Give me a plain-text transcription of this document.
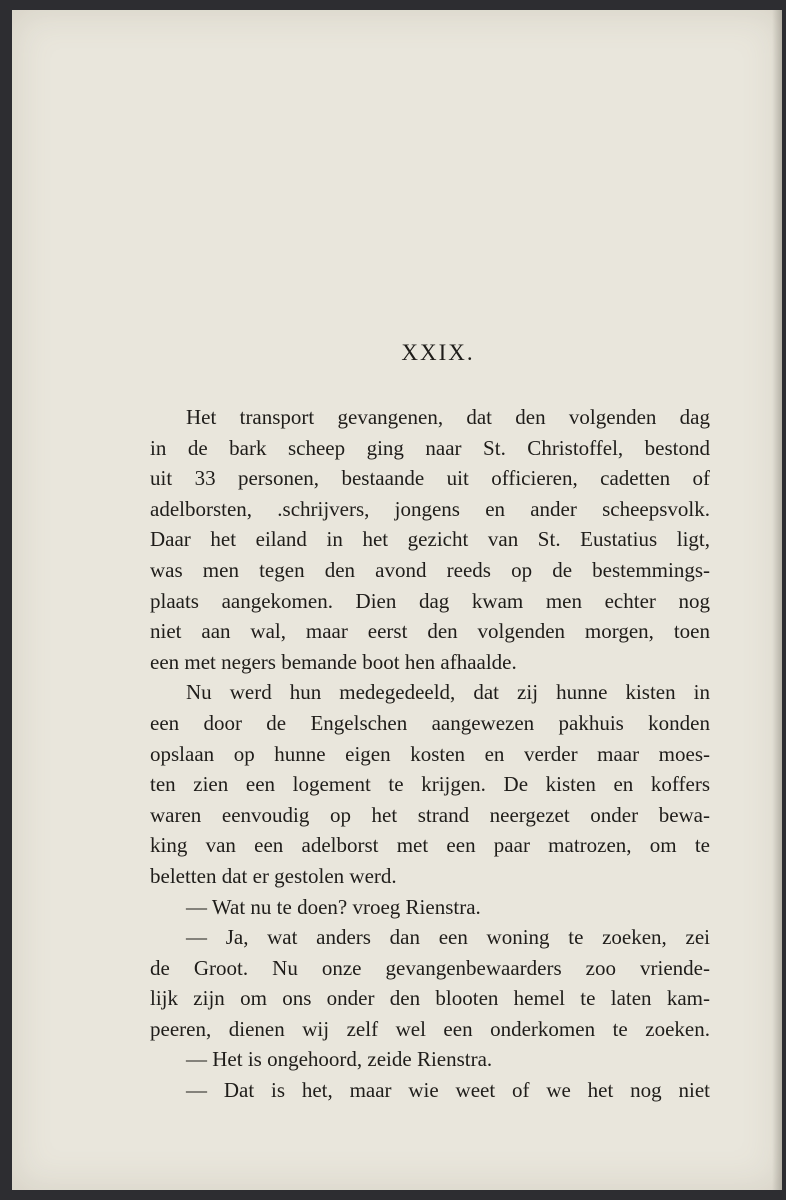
XXIX.
Het transport gevangenen, dat den volgenden dag
in de bark scheep ging naar St. Christoffel, bestond
uit 33 personen, bestaande uit officieren, cadetten of
adelborsten, .schrijvers, jongens en ander scheepsvolk.
Daar het eiland in het gezicht van St. Eustatius ligt,
was men tegen den avond reeds op de bestemmings-
plaats aangekomen. Dien dag kwam men echter nog
niet aan wal, maar eerst den volgenden morgen, toen
een met negers bemande boot hen afhaalde.
Nu werd hun medegedeeld, dat zij hunne kisten in
een door de Engelschen aangewezen pakhuis konden
opslaan op hunne eigen kosten en verder maar moes-
ten zien een logement te krijgen. De kisten en koffers
waren eenvoudig op het strand neergezet onder bewa-
king van een adelborst met een paar matrozen, om te
beletten dat er gestolen werd.
— Wat nu te doen? vroeg Rienstra.
— Ja, wat anders dan een woning te zoeken, zei
de Groot. Nu onze gevangenbewaarders zoo vriende-
lijk zijn om ons onder den blooten hemel te laten kam-
peeren, dienen wij zelf wel een onderkomen te zoeken.
— Het is ongehoord, zeide Rienstra.
— Dat is het, maar wie weet of we het nog niet
